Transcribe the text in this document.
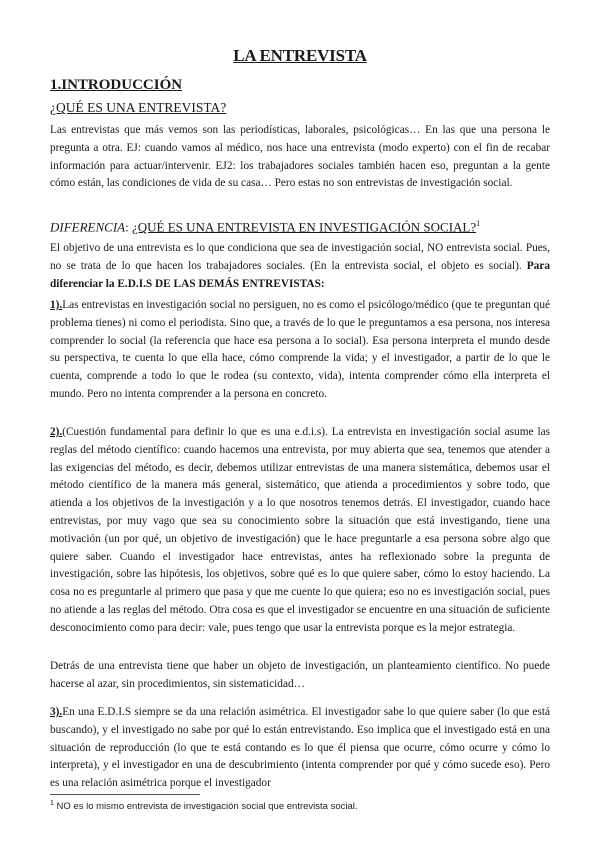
LA ENTREVISTA
1.INTRODUCCIÓN
¿QUÉ ES UNA ENTREVISTA?

Las entrevistas que más vemos son las periodísticas, laborales, psicológicas… En las que una persona le pregunta a otra. EJ: cuando vamos al médico, nos hace una entrevista (modo experto) con el fin de recabar información para actuar/intervenir. EJ2: los trabajadores sociales también hacen eso, preguntan a la gente cómo están, las condiciones de vida de su casa… Pero estas no son entrevistas de investigación social.

DIFERENCIA: ¿QUÉ ES UNA ENTREVISTA EN INVESTIGACIÓN SOCIAL?$^1$

El objetivo de una entrevista es lo que condiciona que sea de investigación social, NO entrevista social. Pues, no se trata de lo que hacen los trabajadores sociales. (En la entrevista social, el objeto es social). Para diferenciar la E.D.I.S DE LAS DEMÁS ENTREVISTAS:

1).Las entrevistas en investigación social no persiguen, no es como el psicólogo/médico (que te preguntan qué problema tienes) ni como el periodista. Sino que, a través de lo que le preguntamos a esa persona, nos interesa comprender lo social (la referencia que hace esa persona a lo social). Esa persona interpreta el mundo desde su perspectiva, te cuenta lo que ella hace, cómo comprende la vida; y el investigador, a partir de lo que le cuenta, comprende a todo lo que le rodea (su contexto, vida), intenta comprender cómo ella interpreta el mundo. Pero no intenta comprender a la persona en concreto.

2).(Cuestión fundamental para definir lo que es una e.d.i.s). La entrevista en investigación social asume las reglas del método científico: cuando hacemos una entrevista, por muy abierta que sea, tenemos que atender a las exigencias del método, es decir, debemos utilizar entrevistas de una manera sistemática, debemos usar el método científico de la manera más general, sistemático, que atienda a procedimientos y sobre todo, que atienda a los objetivos de la investigación y a lo que nosotros tenemos detrás. El investigador, cuando hace entrevistas, por muy vago que sea su conocimiento sobre la situación que está investigando, tiene una motivación (un por qué, un objetivo de investigación) que le hace preguntarle a esa persona sobre algo que quiere saber. Cuando el investigador hace entrevistas, antes ha reflexionado sobre la pregunta de investigación, sobre las hipótesis, los objetivos, sobre qué es lo que quiere saber, cómo lo estoy haciendo. La cosa no es preguntarle al primero que pasa y que me cuente lo que quiera; eso no es investigación social, pues no atiende a las reglas del método. Otra cosa es que el investigador se encuentre en una situación de suficiente desconocimiento como para decir: vale, pues tengo que usar la entrevista porque es la mejor estrategia.

Detrás de una entrevista tiene que haber un objeto de investigación, un planteamiento científico. No puede hacerse al azar, sin procedimientos, sin sistematicidad…

3).En una E.D.I.S siempre se da una relación asimétrica. El investigador sabe lo que quiere saber (lo que está buscando), y el investigado no sabe por qué lo están entrevistando. Eso implica que el investigado está en una situación de reproducción (lo que te está contando es lo que él piensa que ocurre, cómo ocurre y cómo lo interpreta), y el investigador en una de descubrimiento (intenta comprender por qué y cómo sucede eso). Pero es una relación asimétrica porque el investigador

$^1$ NO es lo mismo entrevista de investigación social que entrevista social.
